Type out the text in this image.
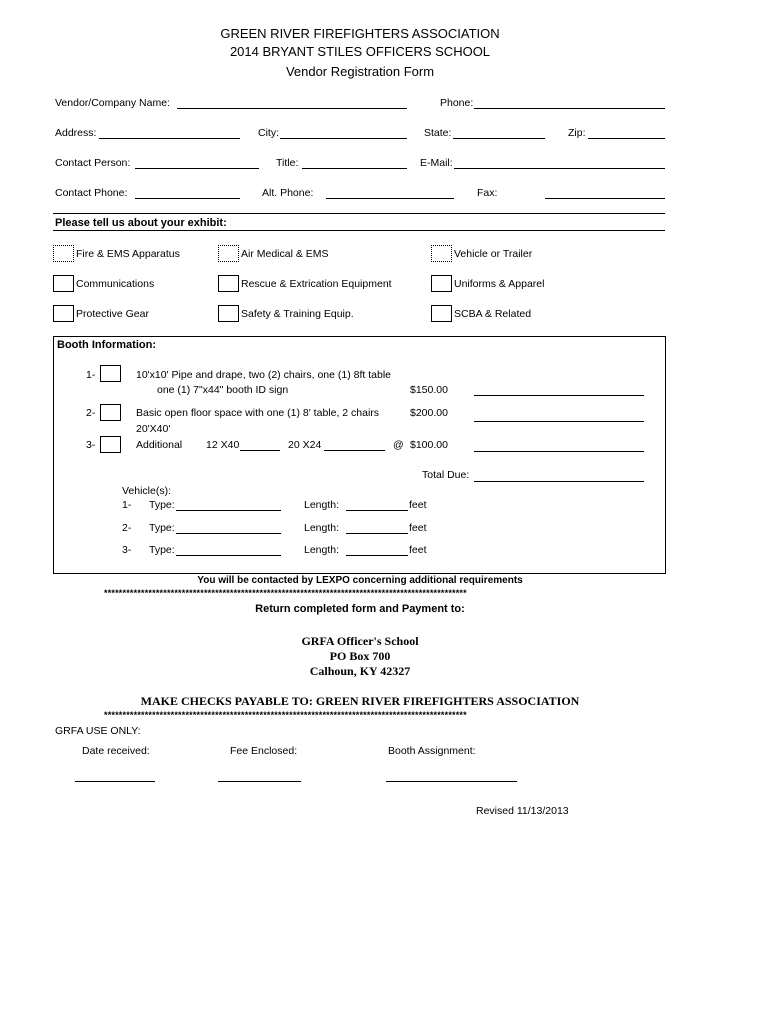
GREEN RIVER FIREFIGHTERS ASSOCIATION
2014 BRYANT STILES OFFICERS SCHOOL
Vendor Registration Form
Vendor/Company Name:	Phone:
Address:	City:	State:	Zip:
Contact Person:	Title:	E-Mail:
Contact Phone:	Alt. Phone:	Fax:
Please tell us about your exhibit:
Fire & EMS Apparatus	Air Medical & EMS	Vehicle or Trailer
Communications	Rescue & Extrication Equipment	Uniforms & Apparel
Protective Gear	Safety & Training Equip.	SCBA & Related
Booth Information:
1-	10'x10' Pipe and drape, two (2) chairs, one (1) 8ft table
one (1) 7"x44" booth ID sign	$150.00
2-	Basic open floor space with one (1) 8' table, 2 chairs
20'X40'
$200.00
3-	Additional 12 X40	20 X24	@ $100.00
Total Due:
Vehicle(s):
1- Type:	Length:	feet
2- Type:	Length:	feet
3- Type:	Length:	feet
You will be contacted by LEXPO concerning additional requirements
**************************************************************************************************
Return completed form and Payment to:
GRFA Officer's School
PO Box 700
Calhoun, KY 42327
MAKE CHECKS PAYABLE TO: GREEN RIVER FIREFIGHTERS ASSOCIATION
**************************************************************************************************
GRFA USE ONLY:
Date received:	Fee Enclosed:	Booth Assignment:
Revised 11/13/2013
